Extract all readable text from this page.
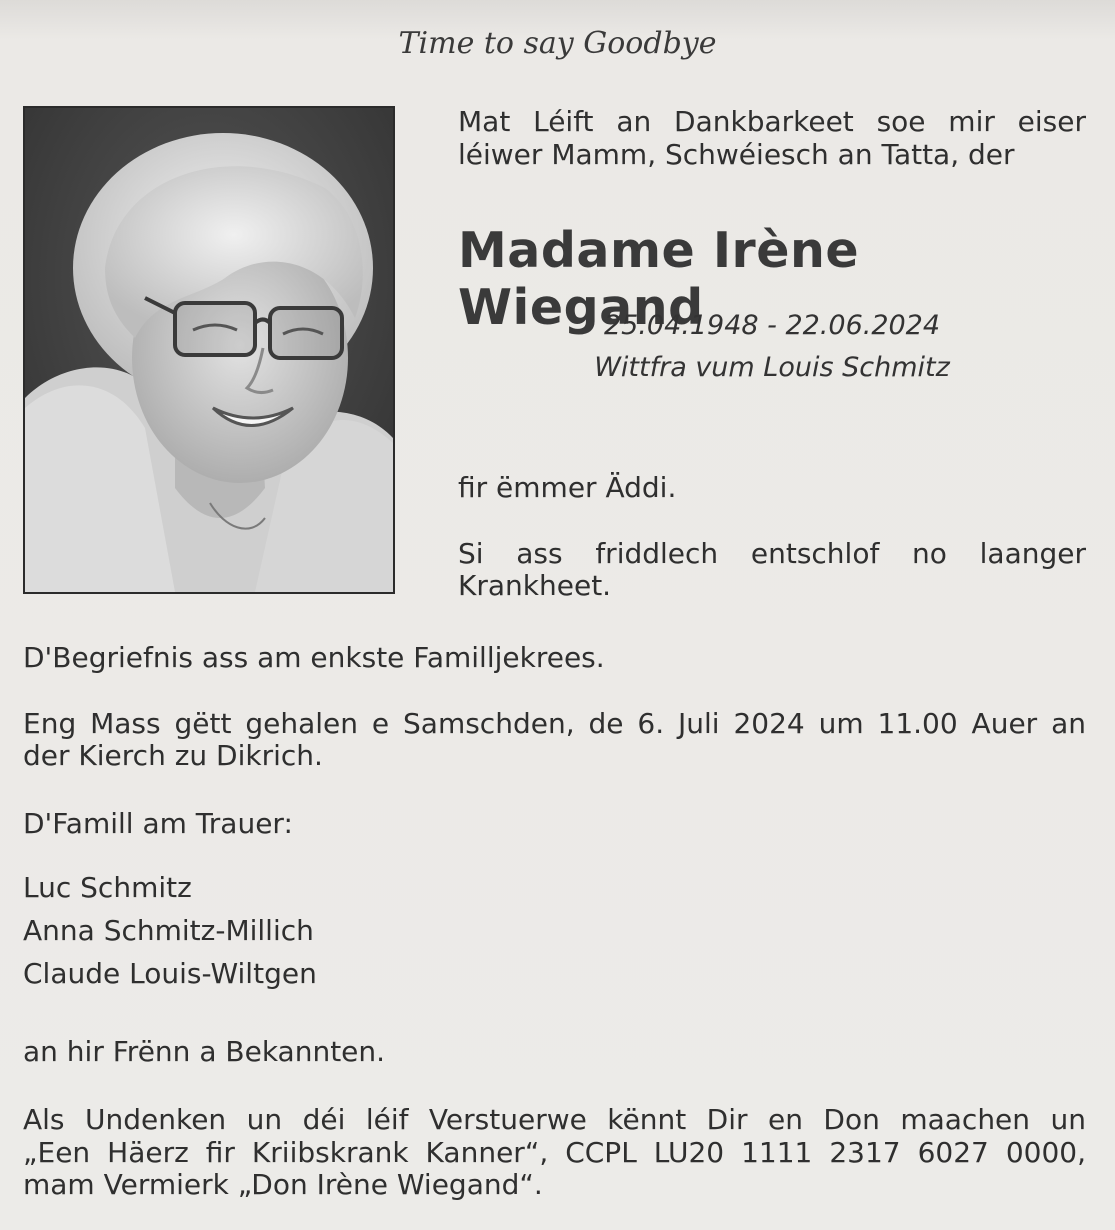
Time to say Goodbye
Mat Léift an Dankbarkeet soe mir eiser
léiwer Mamm, Schwéiesch an Tatta, der
Madame Irène Wiegand
25.04.1948 - 22.06.2024
Wittfra vum Louis Schmitz
fir ëmmer Äddi.
Si ass friddlech entschlof no laanger
Krankheet.
D'Begriefnis ass am enkste Familljekrees.
Eng Mass gëtt gehalen e Samschden, de 6. Juli 2024 um 11.00 Auer an
der Kierch zu Dikrich.
D'Famill am Trauer:
Luc Schmitz
Anna Schmitz-Millich
Claude Louis-Wiltgen
an hir Frënn a Bekannten.
Als Undenken un déi léif Verstuerwe kënnt Dir en Don maachen un
„Een Häerz fir Kriibskrank Kanner“, CCPL LU20 1111 2317 6027 0000,
mam Vermierk „Don Irène Wiegand“.
